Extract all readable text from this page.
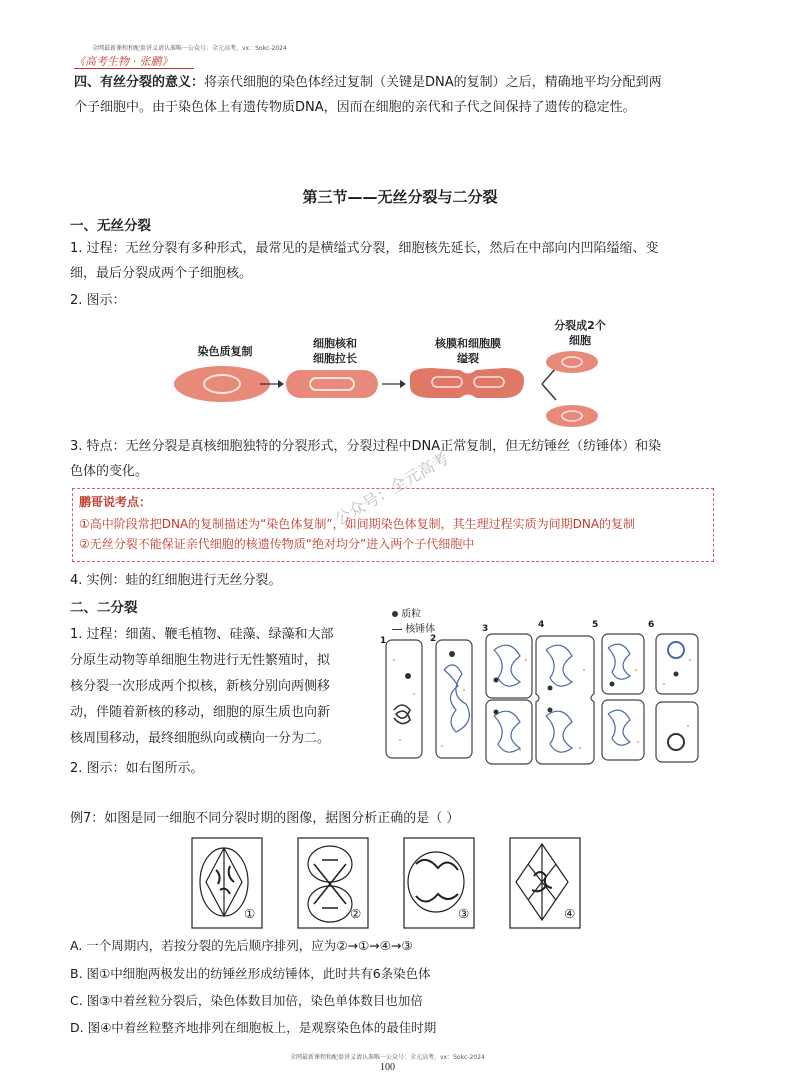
全网最新课程和配套讲义请认准唯一公众号：全元高考，vx：Sokc-2024
《高考生物 · 张鹏》
四、有丝分裂的意义：将亲代细胞的染色体经过复制（关键是DNA的复制）之后，精确地平均分配到两
个子细胞中。由于染色体上有遗传物质DNA，因而在细胞的亲代和子代之间保持了遗传的稳定性。
第三节——无丝分裂与二分裂
一、无丝分裂
1. 过程：无丝分裂有多种形式，最常见的是横缢式分裂，细胞核先延长，然后在中部向内凹陷缢缩、变
细，最后分裂成两个子细胞核。
2. 图示：
染色质复制
细胞核和
细胞拉长
核膜和细胞膜
缢裂
分裂成2个
细胞
3. 特点：无丝分裂是真核细胞独特的分裂形式，分裂过程中DNA正常复制，但无纺锤丝（纺锤体）和染
色体的变化。
鹏哥说考点：
①高中阶段常把DNA的复制描述为“染色体复制”，如间期染色体复制，其生理过程实质为间期DNA的复制
②无丝分裂不能保证亲代细胞的核遗传物质“绝对均分”进入两个子代细胞中
公众号：全元高考
4. 实例：蛙的红细胞进行无丝分裂。
二、二分裂
1. 过程：细菌、鞭毛植物、硅藻、绿藻和大部
分原生动物等单细胞生物进行无性繁殖时，拟
核分裂一次形成两个拟核，新核分别向两侧移
动，伴随着新核的移动，细胞的原生质也向新
核周围移动，最终细胞纵向或横向一分为二。
2. 图示：如右图所示。
质粒
核锤体
1	2
3	4	5	6
例7：如图是同一细胞不同分裂时期的图像，据图分析正确的是（ ）
①	②	③	④
A. 一个周期内，若按分裂的先后顺序排列，应为②→①→④→③
B. 图①中细胞两极发出的纺锤丝形成纺锤体，此时共有6条染色体
C. 图③中着丝粒分裂后，染色体数目加倍，染色单体数目也加倍
D. 图④中着丝粒整齐地排列在细胞板上，是观察染色体的最佳时期
全网最新课程和配套讲义请认准唯一公众号：全元高考，vx：Sokc-2024
100
